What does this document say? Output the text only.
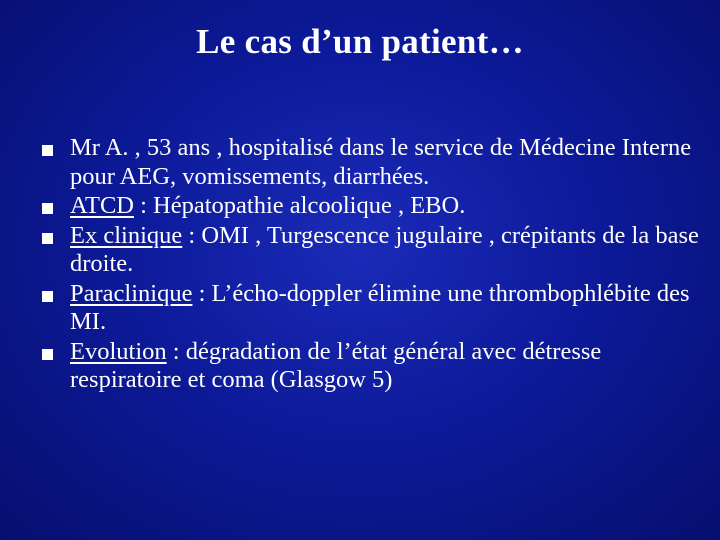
Le cas d’un patient…
Mr A. , 53 ans , hospitalisé dans le service de Médecine Interne pour AEG, vomissements, diarrhées.
ATCD : Hépatopathie alcoolique , EBO.
Ex clinique : OMI , Turgescence jugulaire , crépitants de la base droite.
Paraclinique : L’écho-doppler élimine une thrombophlébite des MI.
Evolution : dégradation de l’état général avec détresse respiratoire et coma (Glasgow 5)
